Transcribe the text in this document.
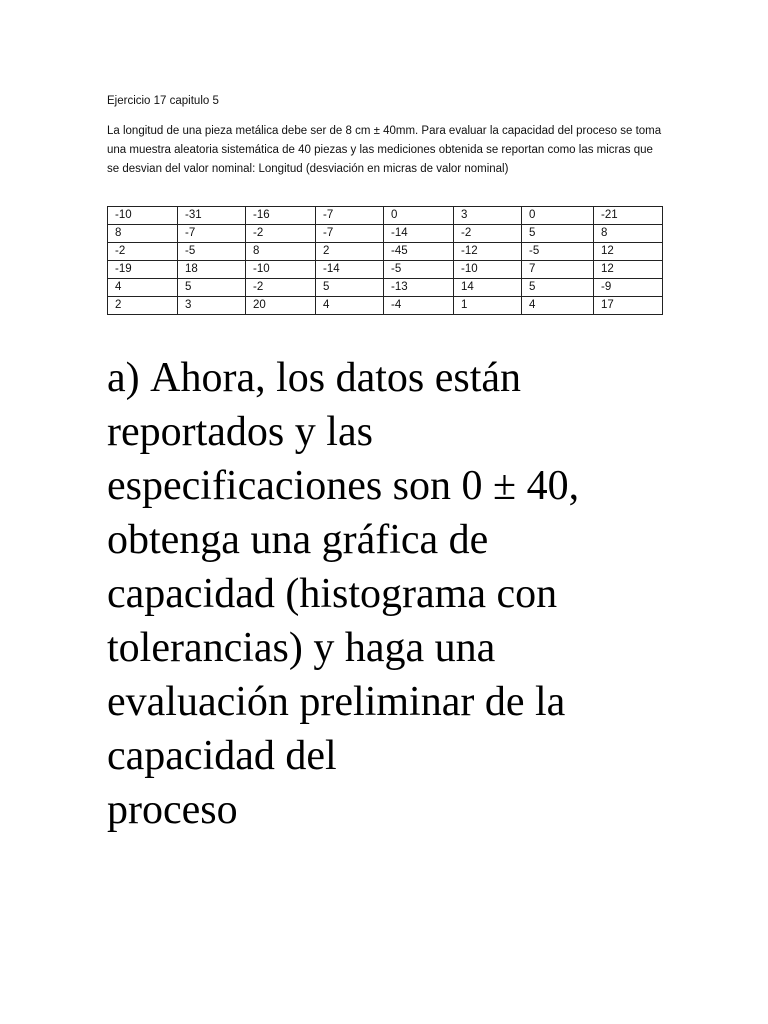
Ejercicio 17 capitulo 5

La longitud de una pieza metálica debe ser de 8 cm ± 40mm. Para evaluar la capacidad del proceso se toma una muestra aleatoria sistemática de 40 piezas y las mediciones obtenida se reportan como las micras que se desvian del valor nominal: Longitud (desviación en micras de valor nominal)

-10	-31	-16	-7	0	3	0	-21
8	-7	-2	-7	-14	-2	5	8
-2	-5	8	2	-45	-12	-5	12
-19	18	-10	-14	-5	-10	7	12
4	5	-2	5	-13	14	5	-9
2	3	20	4	-4	1	4	17

a) Ahora, los datos están
reportados y las
especificaciones son 0 ± 40,
obtenga una gráfica de
capacidad (histograma con
tolerancias) y haga una
evaluación preliminar de la
capacidad del
proceso
